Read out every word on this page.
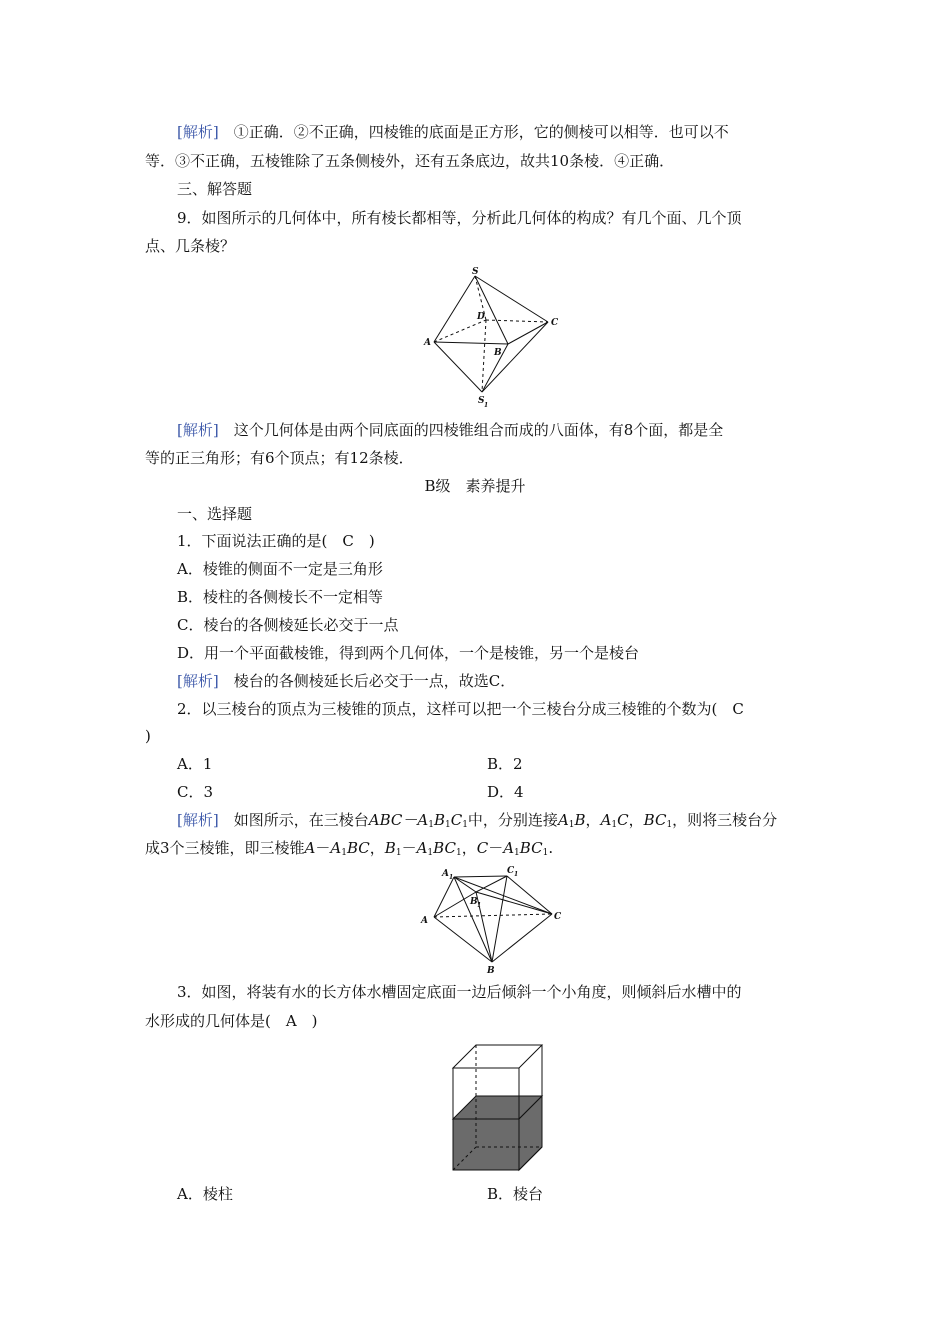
[解析]　 ①正确．②不正确，四棱锥的底面是正方形，它的侧棱可以相等．也可以不
等．③不正确，五棱锥除了五条侧棱外，还有五条底边，故共10条棱．④正确．
三、解答题
9．如图所示的几何体中，所有棱长都相等，分析此几何体的构成？有几个面、几个顶
点、几条棱？
S
D
C
A
B
S 1
[解析]　 这个几何体是由两个同底面的四棱锥组合而成的八面体，有8个面，都是全
等的正三角形；有6个顶点；有12条棱．
B级　素养提升
一、选择题
1．下面说法正确的是(　C　)
A．棱锥的侧面不一定是三角形
B．棱柱的各侧棱长不一定相等
C．棱台的各侧棱延长必交于一点
D．用一个平面截棱锥，得到两个几何体，一个是棱锥，另一个是棱台
[解析]　 棱台的各侧棱延长后必交于一点，故选C．
2．以三棱台的顶点为三棱锥的顶点，这样可以把一个三棱台分成三棱锥的个数为(　C
)
A．1	B．2
C．3	D．4
[解析]　 如图所示，在三棱台$ABC-A_1B_1C_1$中，分别连接$A_1B$，$A_1C$，$BC_1$，则将三棱台分
成3个三棱锥，即三棱锥$A-A_1BC$，$B_1-A_1BC_1$，$C-A_1BC_1$.
A 1
C 1
B 1
A	C
B
3．如图，将装有水的长方体水槽固定底面一边后倾斜一个小角度，则倾斜后水槽中的
水形成的几何体是(　A　)
A．棱柱	B．棱台
